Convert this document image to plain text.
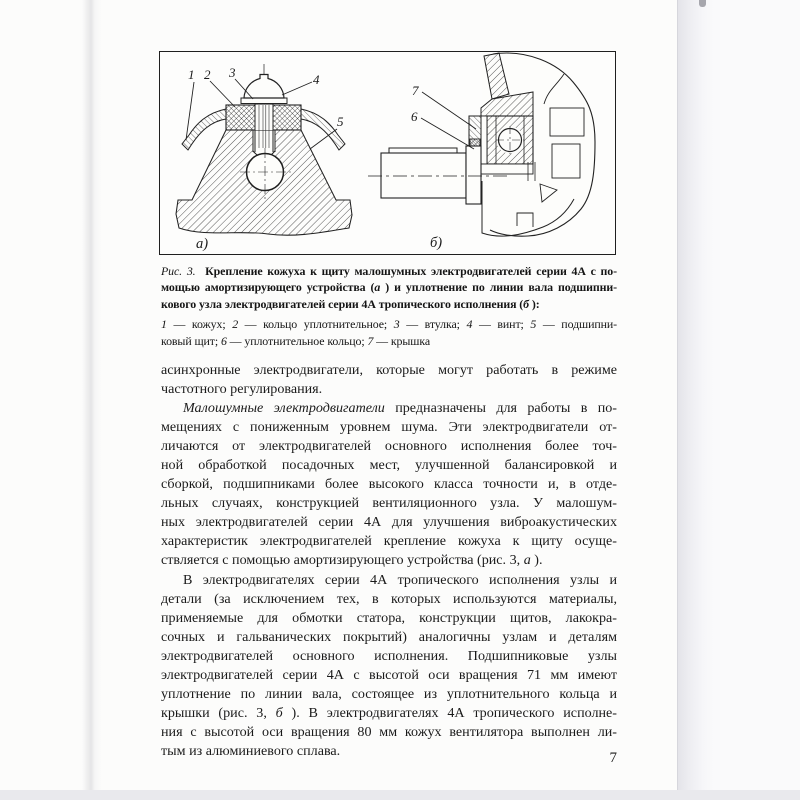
1 2 3	4
5
а)
7
6
б)
Рис. 3.  Крепление кожуха к щиту малошумных электродвигателей серии 4А с по-
мощью амортизирующего устройства (а ) и уплотнение по линии вала подшипни-
кового узла электродвигателей серии 4А тропического исполнения (б ):
1 — кожух; 2 — кольцо уплотнительное; 3 — втулка; 4 — винт; 5 — подшипни-
ковый щит; 6 — уплотнительное кольцо; 7 — крышка
асинхронные электродвигатели, которые могут работать в режиме
частотного регулирования.
Малошумные электродвигатели предназначены для работы в по-
мещениях с пониженным уровнем шума. Эти электродвигатели от-
личаются от электродвигателей основного исполнения более точ-
ной обработкой посадочных мест, улучшенной балансировкой и
сборкой, подшипниками более высокого класса точности и, в отде-
льных случаях, конструкцией вентиляционного узла. У малошум-
ных электродвигателей серии 4А для улучшения виброакустических
характеристик электродвигателей крепление кожуха к щиту осуще-
ствляется с помощью амортизирующего устройства (рис. 3, а ).
В электродвигателях серии 4А тропического исполнения узлы и
детали (за исключением тех, в которых используются материалы,
применяемые для обмотки статора, конструкции щитов, лакокра-
сочных и гальванических покрытий) аналогичны узлам и деталям
электродвигателей основного исполнения. Подшипниковые узлы
электродвигателей серии 4А с высотой оси вращения 71 мм имеют
уплотнение по линии вала, состоящее из уплотнительного кольца и
крышки (рис. 3, б ). В электродвигателях 4А тропического исполне-
ния с высотой оси вращения 80 мм кожух вентилятора выполнен ли-
тым из алюминиевого сплава.	7
